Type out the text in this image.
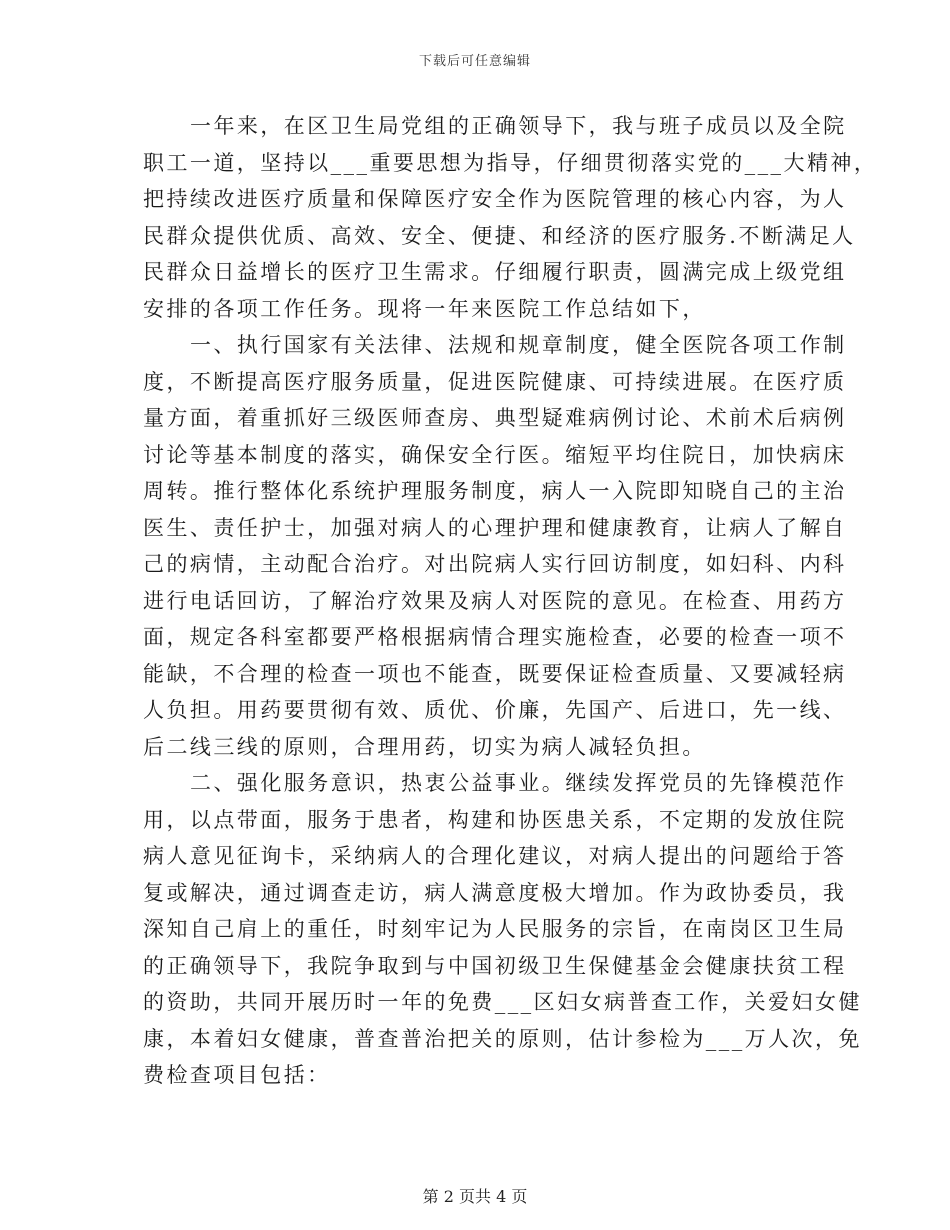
下载后可任意编辑
一年来，在区卫生局党组的正确领导下，我与班子成员以及全院
职工一道，坚持以___重要思想为指导，仔细贯彻落实党的___大精神，
把持续改进医疗质量和保障医疗安全作为医院管理的核心内容，为人
民群众提供优质、高效、安全、便捷、和经济的医疗服务.不断满足人
民群众日益增长的医疗卫生需求。仔细履行职责，圆满完成上级党组
安排的各项工作任务。现将一年来医院工作总结如下，
一、执行国家有关法律、法规和规章制度，健全医院各项工作制
度，不断提高医疗服务质量，促进医院健康、可持续进展。在医疗质
量方面，着重抓好三级医师查房、典型疑难病例讨论、术前术后病例
讨论等基本制度的落实，确保安全行医。缩短平均住院日，加快病床
周转。推行整体化系统护理服务制度，病人一入院即知晓自己的主治
医生、责任护士，加强对病人的心理护理和健康教育，让病人了解自
己的病情，主动配合治疗。对出院病人实行回访制度，如妇科、内科
进行电话回访，了解治疗效果及病人对医院的意见。在检查、用药方
面，规定各科室都要严格根据病情合理实施检查，必要的检查一项不
能缺，不合理的检查一项也不能查，既要保证检查质量、又要减轻病
人负担。用药要贯彻有效、质优、价廉，先国产、后进口，先一线、
后二线三线的原则，合理用药，切实为病人减轻负担。
二、强化服务意识，热衷公益事业。继续发挥党员的先锋模范作
用，以点带面，服务于患者，构建和协医患关系，不定期的发放住院
病人意见征询卡，采纳病人的合理化建议，对病人提出的问题给于答
复或解决，通过调查走访，病人满意度极大增加。作为政协委员，我
深知自己肩上的重任，时刻牢记为人民服务的宗旨，在南岗区卫生局
的正确领导下，我院争取到与中国初级卫生保健基金会健康扶贫工程
的资助，共同开展历时一年的免费___区妇女病普查工作，关爱妇女健
康，本着妇女健康，普查普治把关的原则，估计参检为___万人次，免
费检查项目包括：
第 2 页共 4 页
